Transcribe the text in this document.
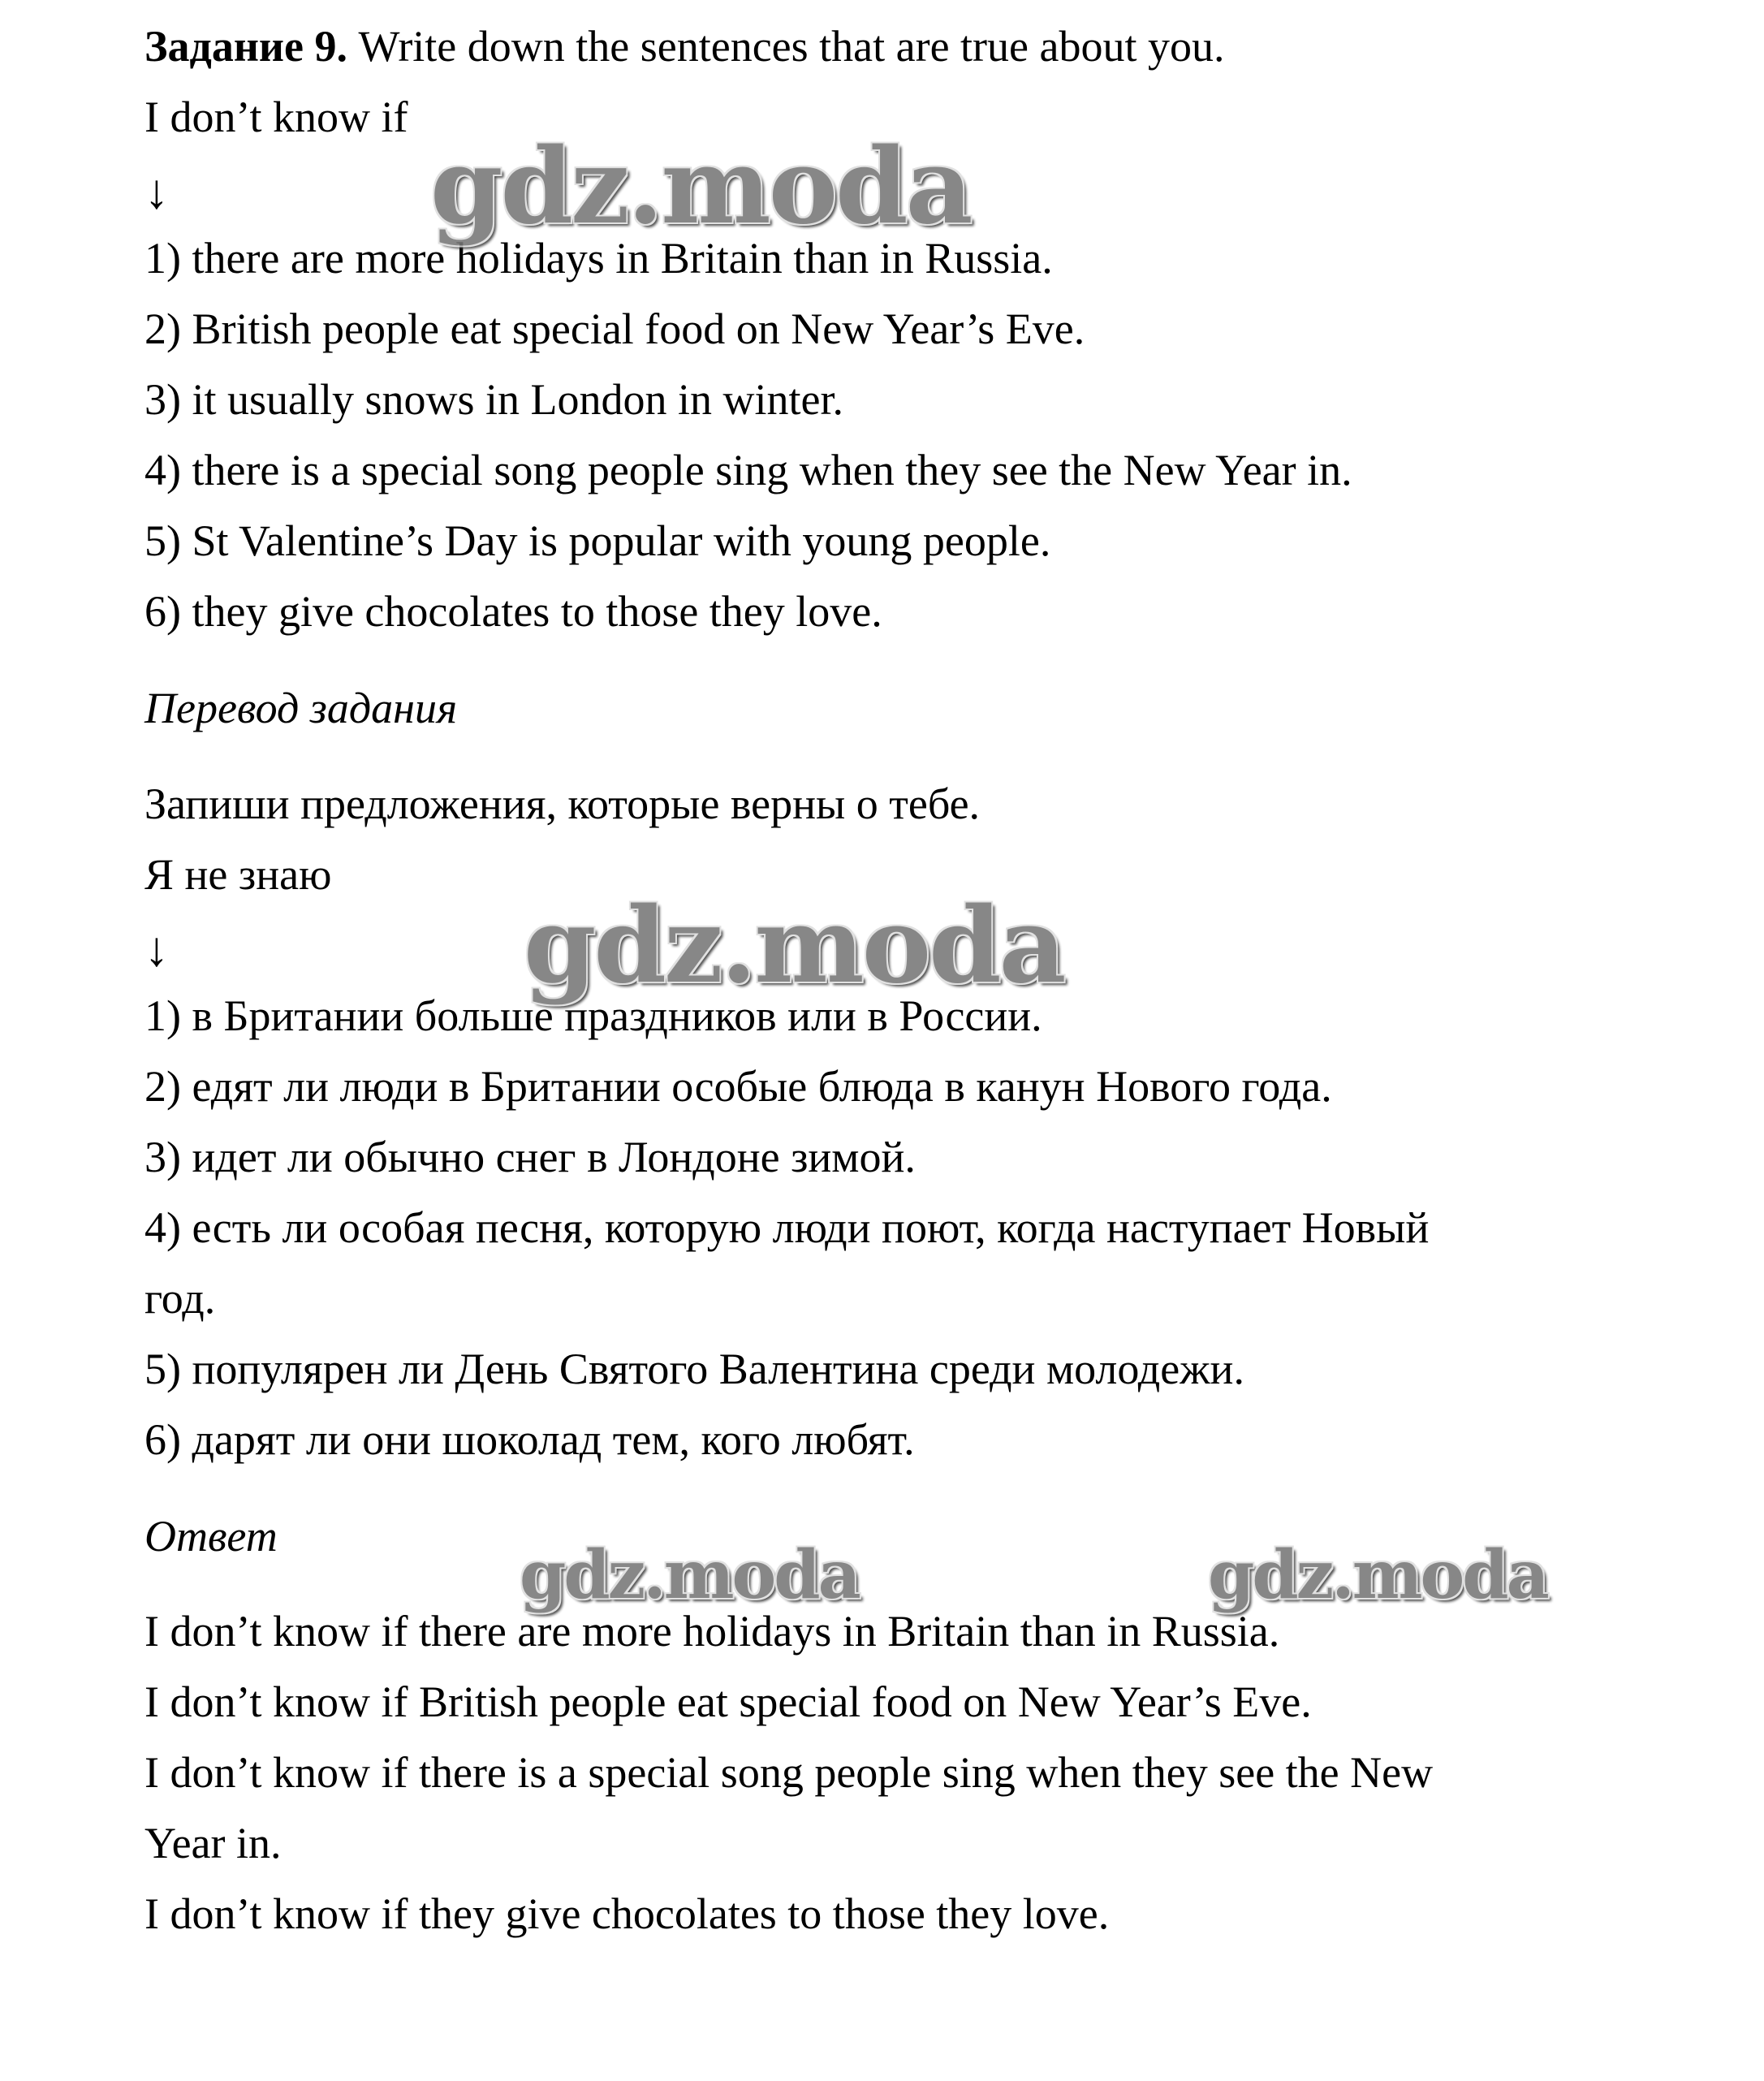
Задание 9. Write down the sentences that are true about you.

I don’t know if

↓

1) there are more holidays in Britain than in Russia.

2) British people eat special food on New Year’s Eve.

3) it usually snows in London in winter.

4) there is a special song people sing when they see the New Year in.

5) St Valentine’s Day is popular with young people.

6) they give chocolates to those they love.

Перевод задания

Запиши предложения, которые верны о тебе.

Я не знаю

↓

1) в Британии больше праздников или в России.

2) едят ли люди в Британии особые блюда в канун Нового года.

3) идет ли обычно снег в Лондоне зимой.

4) есть ли особая песня, которую люди поют, когда наступает Новый

год.

5) популярен ли День Святого Валентина среди молодежи.

6) дарят ли они шоколад тем, кого любят.

Ответ

I don’t know if there are more holidays in Britain than in Russia.

I don’t know if British people eat special food on New Year’s Eve.

I don’t know if there is a special song people sing when they see the New

Year in.

I don’t know if they give chocolates to those they love.

gdz.moda
gdz.moda
gdz.moda	gdz.moda
